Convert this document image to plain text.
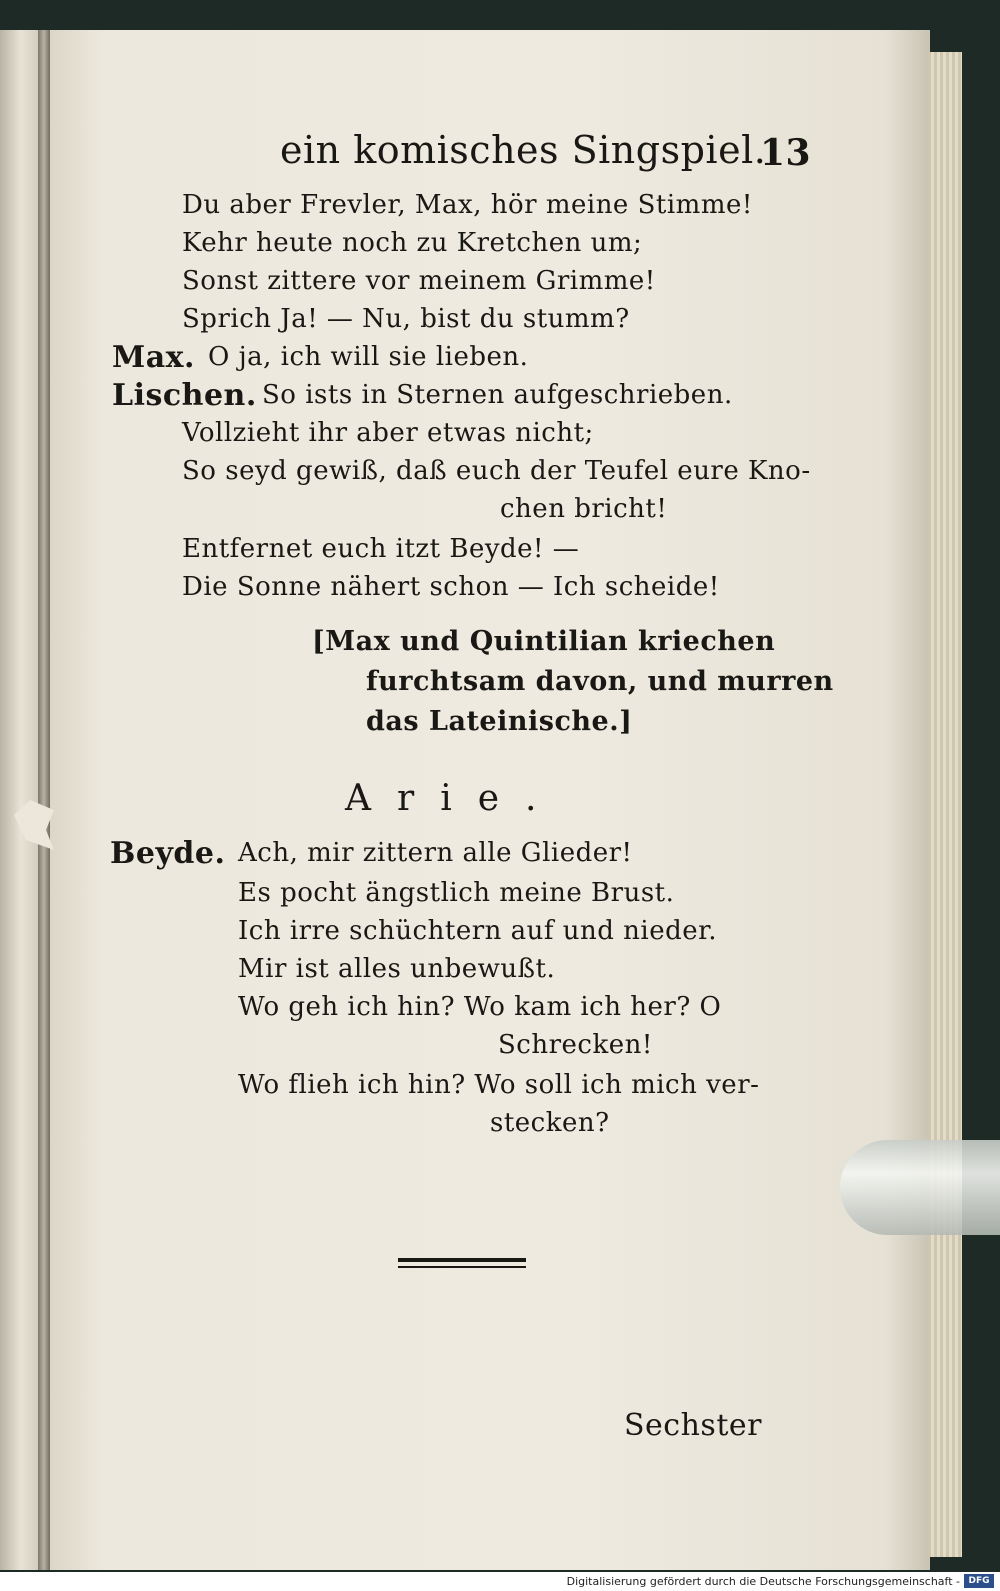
ein komisches Singspiel.
13
Du aber Frevler, Max, hör meine Stimme!
Kehr heute noch zu Kretchen um;
Sonst zittere vor meinem Grimme!
Sprich Ja! — Nu, bist du stumm?
Max. O ja, ich will sie lieben.
Lischen. So ists in Sternen aufgeschrieben.
Vollzieht ihr aber etwas nicht;
So seyd gewiß, daß euch der Teufel eure Kno-
chen bricht!
Entfernet euch itzt Beyde! —
Die Sonne nähert schon — Ich scheide!
[Max und Quintilian kriechen
furchtsam davon, und murren
das Lateinische.]
Arie.
Beyde. Ach, mir zittern alle Glieder!
Es pocht ängstlich meine Brust.
Ich irre schüchtern auf und nieder.
Mir ist alles unbewußt.
Wo geh ich hin? Wo kam ich her? O
Schrecken!
Wo flieh ich hin? Wo soll ich mich ver-
stecken?
Sechster
Digitalisierung gefördert durch die Deutsche Forschungsgemeinschaft - DFG
